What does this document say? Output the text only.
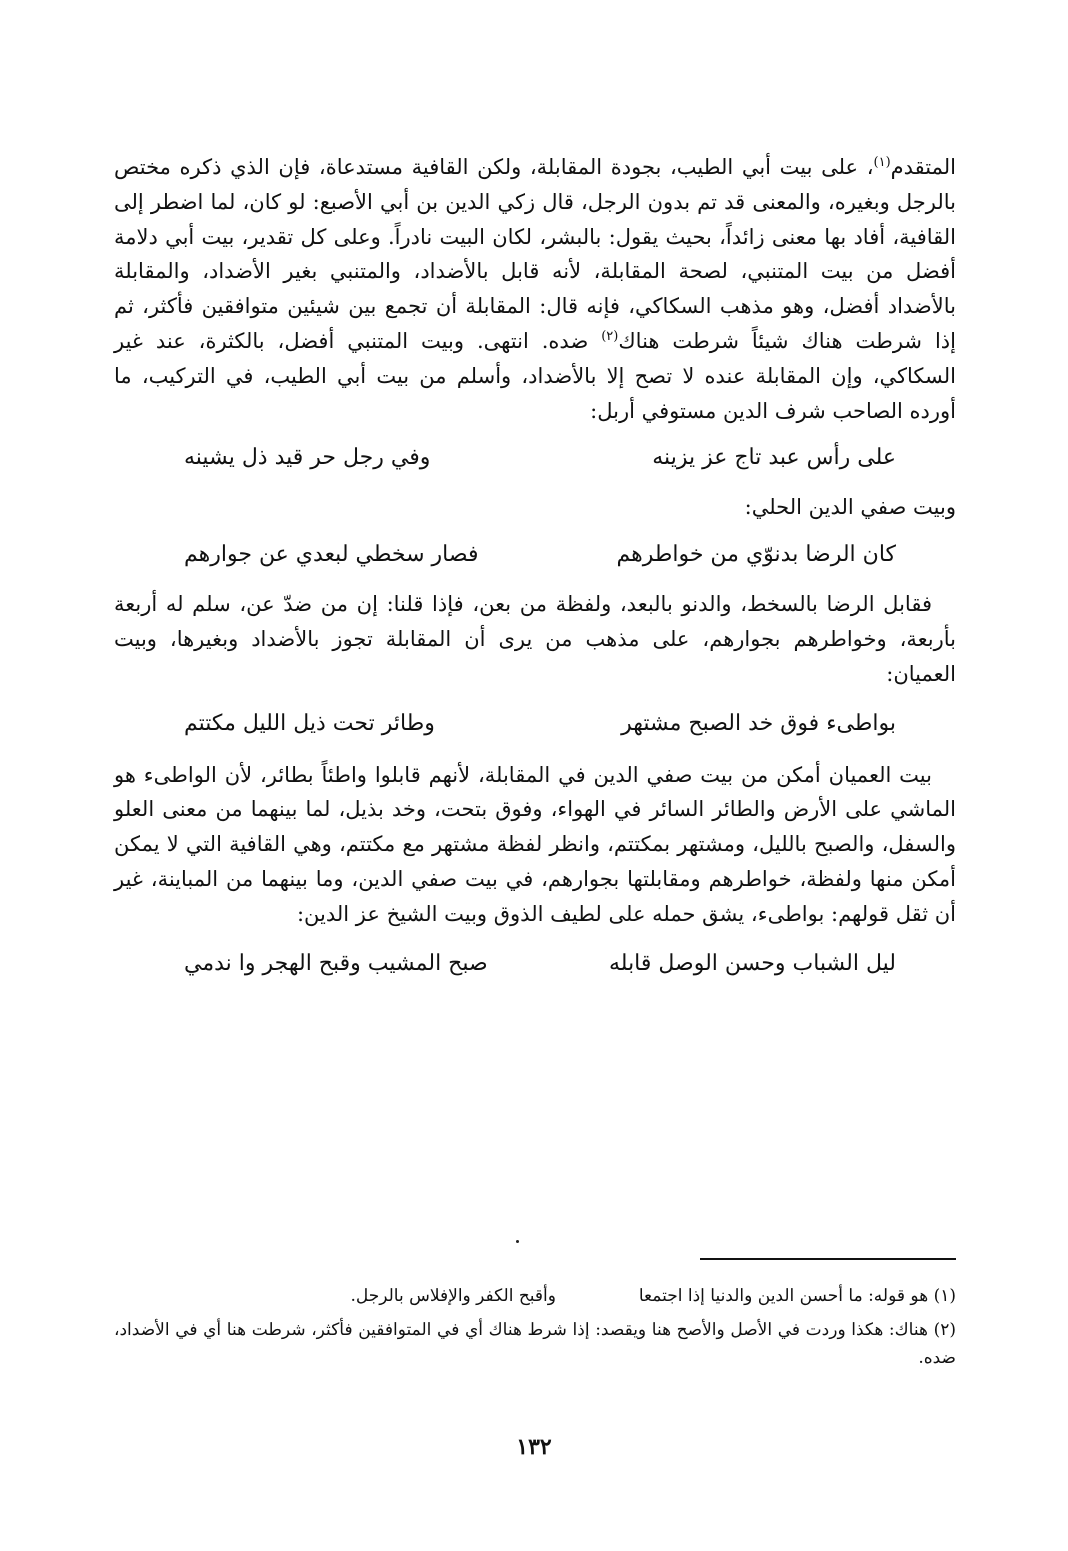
المتقدم$^{(١)}$، على بيت أبي الطيب، بجودة المقابلة، ولكن القافية مستدعاة، فإن الذي ذكره مختص بالرجل وبغيره، والمعنى قد تم بدون الرجل، قال زكي الدين بن أبي الأصبع: لو كان، لما اضطر إلى القافية، أفاد بها معنى زائداً، بحيث يقول: بالبشر، لكان البيت نادراً. وعلى كل تقدير، بيت أبي دلامة أفضل من بيت المتنبي، لصحة المقابلة، لأنه قابل بالأضداد، والمتنبي بغير الأضداد، والمقابلة بالأضداد أفضل، وهو مذهب السكاكي، فإنه قال: المقابلة أن تجمع بين شيئين متوافقين فأكثر، ثم إذا شرطت هناك شيئاً شرطت هناك$^{(٢)}$ ضده. انتهى. وبيت المتنبي أفضل، بالكثرة، عند غير السكاكي، وإن المقابلة عنده لا تصح إلا بالأضداد، وأسلم من بيت أبي الطيب، في التركيب، ما أورده الصاحب شرف الدين مستوفي أربل:

على رأس عبد تاج عز يزينه
وفي رجل حر قيد ذل يشينه

وبيت صفي الدين الحلي:

كان الرضا بدنوّي من خواطرهم
فصار سخطي لبعدي عن جوارهم

فقابل الرضا بالسخط، والدنو بالبعد، ولفظة من بعن، فإذا قلنا: إن من ضدّ عن، سلم له أربعة بأربعة، وخواطرهم بجوارهم، على مذهب من يرى أن المقابلة تجوز بالأضداد وبغيرها، وبيت العميان:

بواطىء فوق خد الصبح مشتهر
وطائر تحت ذيل الليل مكتتم

بيت العميان أمكن من بيت صفي الدين في المقابلة، لأنهم قابلوا واطئاً بطائر، لأن الواطىء هو الماشي على الأرض والطائر السائر في الهواء، وفوق بتحت، وخد بذيل، لما بينهما من معنى العلو والسفل، والصبح بالليل، ومشتهر بمكتتم، وانظر لفظة مشتهر مع مكتتم، وهي القافية التي لا يمكن أمكن منها ولفظة، خواطرهم ومقابلتها بجوارهم، في بيت صفي الدين، وما بينهما من المباينة، غير أن ثقل قولهم: بواطىء، يشق حمله على لطيف الذوق وبيت الشيخ عز الدين:

ليل الشباب وحسن الوصل قابله
صبح المشيب وقبح الهجر وا ندمي
(١) هو قوله: ما أحسن الدين والدنيا إذا اجتمعا
وأقبح الكفر والإفلاس بالرجل.
(٢) هناك: هكذا وردت في الأصل والأصح هنا ويقصد: إذا شرط هناك أي في المتوافقين فأكثر، شرطت هنا أي في الأضداد، ضده.
١٣٢
